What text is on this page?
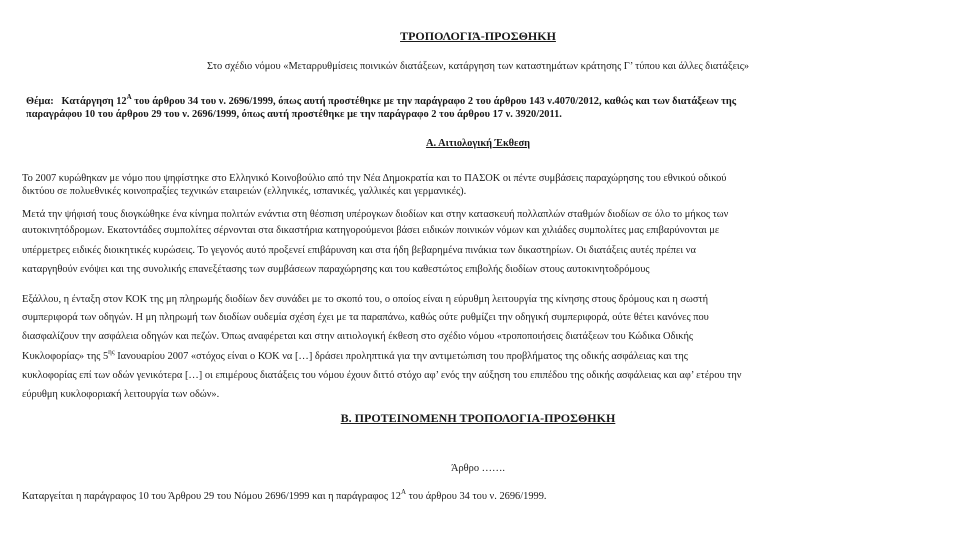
ΤΡΟΠΟΛΟΓΙΆ-ΠΡΟΣΘΗΚΗ
Στο σχέδιο νόμου «Μεταρρυθμίσεις ποινικών διατάξεων, κατάργηση των καταστημάτων κράτησης Γ’ τύπου και άλλες διατάξεις»
Θέμα: Κατάργηση $12^A$ του άρθρου 34 του ν. 2696/1999, όπως αυτή προστέθηκε με την παράγραφο 2 του άρθρου 143 ν.4070/2012, καθώς και των διατάξεων της
παραγράφου 10 του άρθρου 29 του ν. 2696/1999, όπως αυτή προστέθηκε με την παράγραφο 2 του άρθρου 17 ν. 3920/2011.
Α. Αιτιολογική Έκθεση
Το 2007 κυρώθηκαν με νόμο που ψηφίστηκε στο Ελληνικό Κοινοβούλιο από την Νέα Δημοκρατία και το ΠΑΣΟΚ οι πέντε συμβάσεις παραχώρησης του εθνικού οδικού
δικτύου σε πολυεθνικές κοινοπραξίες τεχνικών εταιρειών (ελληνικές, ισπανικές, γαλλικές και γερμανικές).
Μετά την ψήφισή τους διογκώθηκε ένα κίνημα πολιτών ενάντια στη θέσπιση υπέρογκων διοδίων και στην κατασκευή πολλαπλών σταθμών διοδίων σε όλο το μήκος των
αυτοκινητόδρομων. Εκατοντάδες συμπολίτες σέρνονται στα δικαστήρια κατηγορούμενοι βάσει ειδικών ποινικών νόμων και χιλιάδες συμπολίτες μας επιβαρύνονται με
υπέρμετρες ειδικές διοικητικές κυρώσεις. Το γεγονός αυτό προξενεί επιβάρυνση και στα ήδη βεβαρημένα πινάκια των δικαστηρίων. Οι διατάξεις αυτές πρέπει να
καταργηθούν ενόψει και της συνολικής επανεξέτασης των συμβάσεων παραχώρησης και του καθεστώτος επιβολής διοδίων στους αυτοκινητοδρόμους
Εξάλλου, η ένταξη στον ΚΟΚ της μη πληρωμής διοδίων δεν συνάδει με το σκοπό του, ο οποίος είναι η εύρυθμη λειτουργία της κίνησης στους δρόμους και η σωστή
συμπεριφορά των οδηγών. Η μη πληρωμή των διοδίων ουδεμία σχέση έχει με τα παραπάνω, καθώς ούτε ρυθμίζει την οδηγική συμπεριφορά, ούτε θέτει κανόνες που
διασφαλίζουν την ασφάλεια οδηγών και πεζών. Όπως αναφέρεται και στην αιτιολογική έκθεση στο σχέδιο νόμου «τροποποιήσεις διατάξεων του Κώδικα Οδικής
Κυκλοφορίας» της $5^{\eta\varsigma}$ Ιανουαρίου 2007 «στόχος είναι ο ΚΟΚ να […] δράσει προληπτικά για την αντιμετώπιση του προβλήματος της οδικής ασφάλειας και της
κυκλοφορίας επί των οδών γενικότερα […] οι επιμέρους διατάξεις του νόμου έχουν διττό στόχο αφ’ ενός την αύξηση του επιπέδου της οδικής ασφάλειας και αφ’ ετέρου την
εύρυθμη κυκλοφοριακή λειτουργία των οδών».
Β. ΠΡΟΤΕΙΝΟΜΕΝΗ ΤΡΟΠΟΛΟΓΙΑ-ΠΡΟΣΘΗΚΗ
Άρθρο …….
Καταργείται η παράγραφος 10 του Άρθρου 29 του Νόμου 2696/1999 και η παράγραφος $12^A$ του άρθρου 34 του ν. 2696/1999.
